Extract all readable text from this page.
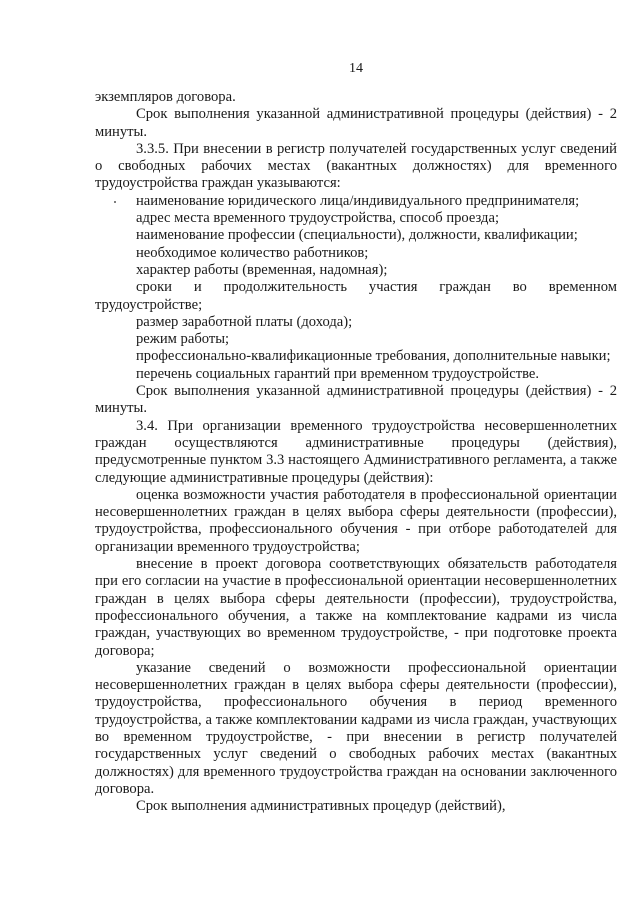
14

экземпляров договора.

Срок выполнения указанной административной процедуры (действия) - 2 минуты.

3.3.5. При внесении в регистр получателей государственных услуг сведений о свободных рабочих местах (вакантных должностях) для временного трудоустройства граждан указываются:

наименование юридического лица/индивидуального предпринимателя;

адрес места временного трудоустройства, способ проезда;

наименование профессии (специальности), должности, квалификации;

необходимое количество работников;

характер работы (временная, надомная);

сроки и продолжительность участия граждан во временном трудоустройстве;

размер заработной платы (дохода);

режим работы;

профессионально-квалификационные требования, дополнительные навыки;

перечень социальных гарантий при временном трудоустройстве.

Срок выполнения указанной административной процедуры (действия) - 2 минуты.

3.4. При организации временного трудоустройства несовершеннолетних граждан осуществляются административные процедуры (действия), предусмотренные пунктом 3.3 настоящего Административного регламента, а также следующие административные процедуры (действия):

оценка возможности участия работодателя в профессиональной ориентации несовершеннолетних граждан в целях выбора сферы деятельности (профессии), трудоустройства, профессионального обучения - при отборе работодателей для организации временного трудоустройства;

внесение в проект договора соответствующих обязательств работодателя при его согласии на участие в профессиональной ориентации несовершеннолетних граждан в целях выбора сферы деятельности (профессии), трудоустройства, профессионального обучения, а также на комплектование кадрами из числа граждан, участвующих во временном трудоустройстве, - при подготовке проекта договора;

указание сведений о возможности профессиональной ориентации несовершеннолетних граждан в целях выбора сферы деятельности (профессии), трудоустройства, профессионального обучения в период временного трудоустройства, а также комплектовании кадрами из числа граждан, участвующих во временном трудоустройстве, - при внесении в регистр получателей государственных услуг сведений о свободных рабочих местах (вакантных должностях) для временного трудоустройства граждан на основании заключенного договора.

Срок выполнения административных процедур (действий),
